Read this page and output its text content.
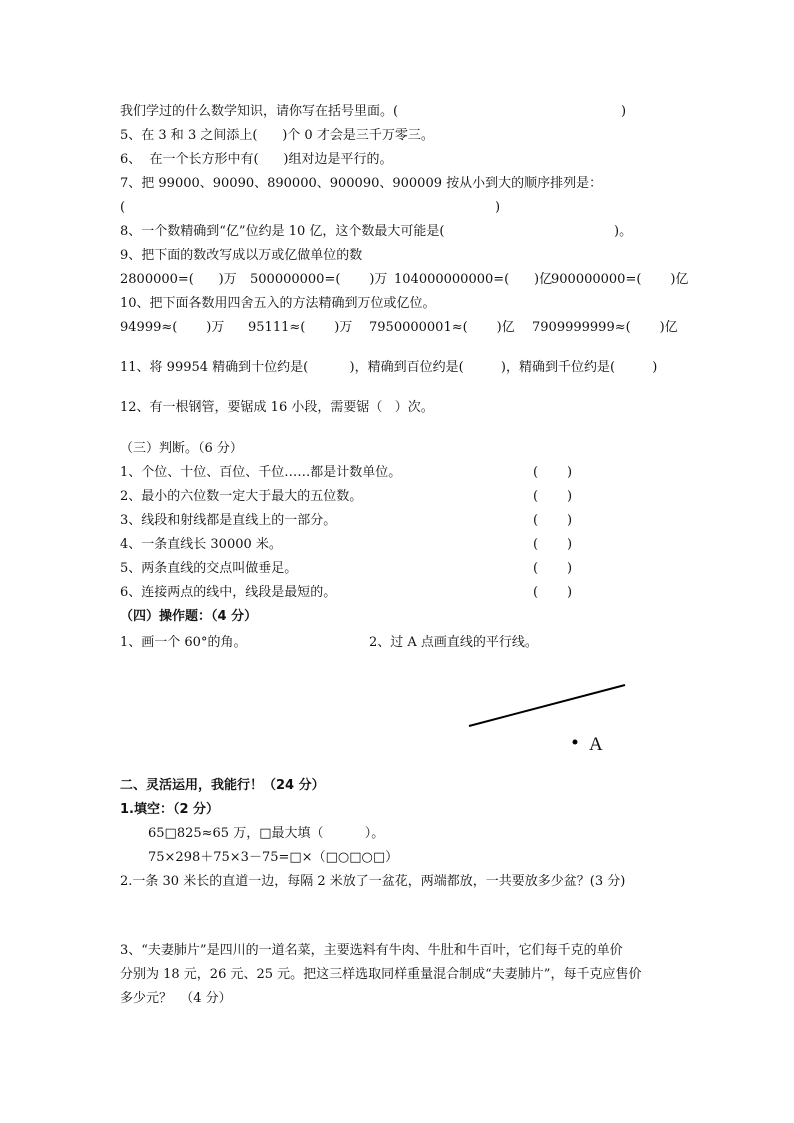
我们学过的什么数学知识，请你写在括号里面。(	)
5、在 3 和 3 之间添上(      )个 0 才会是三千万零三。
6、  在一个长方形中有(      )组对边是平行的。
7、把 99000、90090、890000、900090、900009 按从小到大的顺序排列是：
(	)
8、一个数精确到“亿”位约是 10 亿，这个数最大可能是(	)。
9、把下面的数改写成以万或亿做单位的数
2800000=(      )万 500000000=(       )万 104000000000=(      )亿
900000000=(       )亿
10、把下面各数用四舍五入的方法精确到万位或亿位。
94999≈(       )万 95111≈(       )万 7950000001≈(       )亿 7909999999≈(       )亿
11、将 99954 精确到十位约是(          )，精确到百位约是(         )，精确到千位约是(         )
12、有一根钢管，要锯成 16 小段，需要锯（   ）次。
（三）判断。（6 分）
1、个位、十位、百位、千位……都是计数单位。	(       )
2、最小的六位数一定大于最大的五位数。	(       )
3、线段和射线都是直线上的一部分。	(       )
4、一条直线长 30000 米。	(       )
5、两条直线的交点叫做垂足。	(       )
6、连接两点的线中，线段是最短的。	(       )
（四）操作题：（4 分）
1、画一个 60°的角。	2、过 A 点画直线的平行线。
A
二、灵活运用，我能行！（24 分）
1.填空：（2 分）
65□825≈65 万，□最大填（          ）。
75×298＋75×3－75=□×（□○□○□）
2.一条 30 米长的直道一边，每隔 2 米放了一盆花，两端都放，一共要放多少盆？(3 分)
3、“夫妻肺片”是四川的一道名菜，主要选料有牛肉、牛肚和牛百叶，它们每千克的单价
分别为 18 元，26 元、25 元。把这三样选取同样重量混合制成“夫妻肺片”，每千克应售价
多少元？  （4 分）
